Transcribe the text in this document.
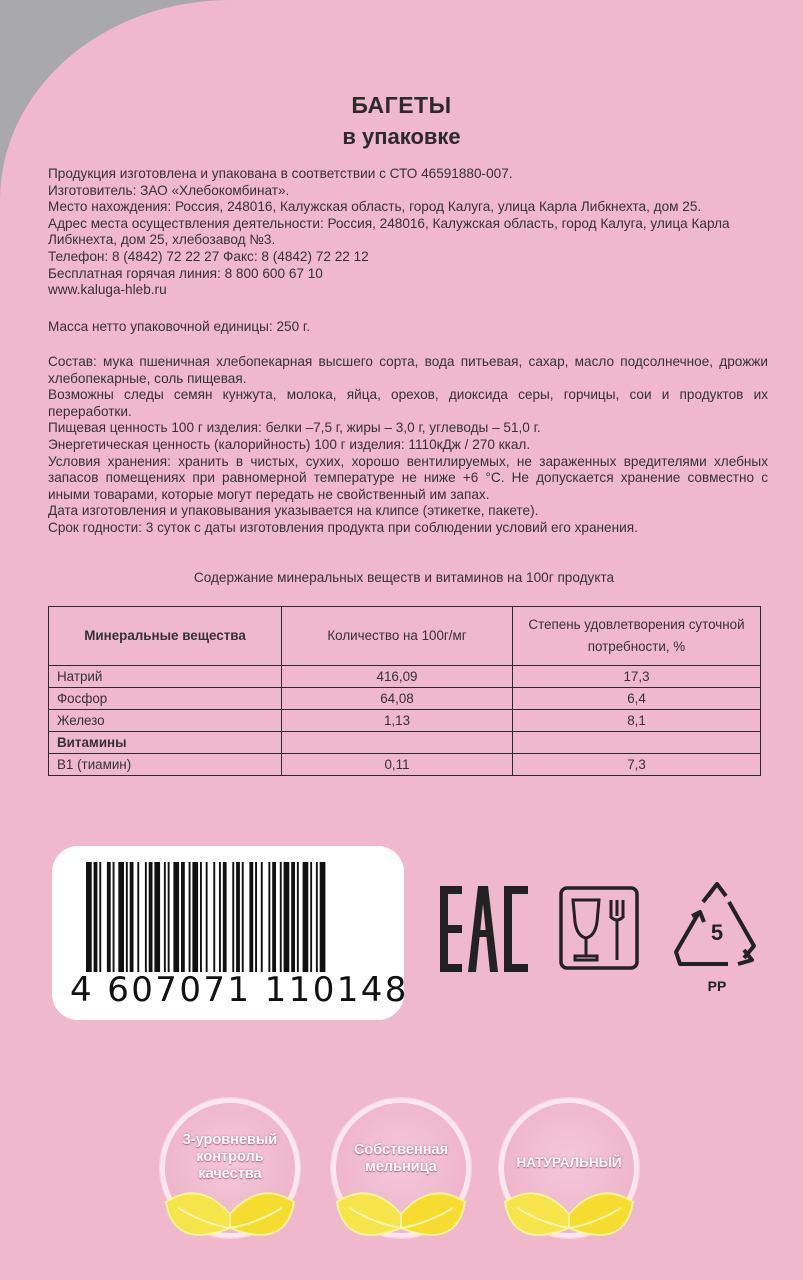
БАГЕТЫ
в упаковке

Продукция изготовлена и упакована в соответствии с СТО 46591880-007.

Изготовитель: ЗАО «Хлебокомбинат».

Место нахождения: Россия, 248016, Калужская область, город Калуга, улица Карла Либкнехта, дом 25.

Адрес места осуществления деятельности: Россия, 248016, Калужская область, город Калуга, улица Карла Либкнехта, дом 25, хлебозавод №3.

Телефон: 8 (4842) 72 22 27 Факс: 8 (4842) 72 22 12

Бесплатная горячая линия: 8 800 600 67 10

www.kaluga-hleb.ru

Масса нетто упаковочной единицы: 250 г.

Состав: мука пшеничная хлебопекарная высшего сорта, вода питьевая, сахар, масло подсолнечное, дрожжи хлебопекарные, соль пищевая.

Возможны следы семян кунжута, молока, яйца, орехов, диоксида серы, горчицы, сои и продуктов их переработки.

Пищевая ценность 100 г изделия: белки –7,5 г, жиры – 3,0 г, углеводы – 51,0 г.

Энергетическая ценность (калорийность) 100 г изделия: 1110кДж / 270 ккал.

Условия хранения: хранить в чистых, сухих, хорошо вентилируемых, не зараженных вредителями хлебных запасов помещениях при равномерной температуре не ниже +6 °С. Не допускается хранение совместно с иными товарами, которые могут передать не свойственный им запах.

Дата изготовления и упаковывания указывается на клипсе (этикетке, пакете).

Срок годности: 3 суток с даты изготовления продукта при соблюдении условий его хранения.

Содержание минеральных веществ и витаминов на 100г продукта
Минеральные вещества	Количество на 100г/мг	Степень удовлетворения суточной потребности, %
Натрий	416,09	17,3
Фосфор	64,08	6,4
Железо	1,13	8,1
Витамины		
B1 (тиамин)	0,11	7,3
4 607071 110148
5
PP
3-уровневый контроль качества
Собственная мельница	НАТУРАЛЬНЫЙ
